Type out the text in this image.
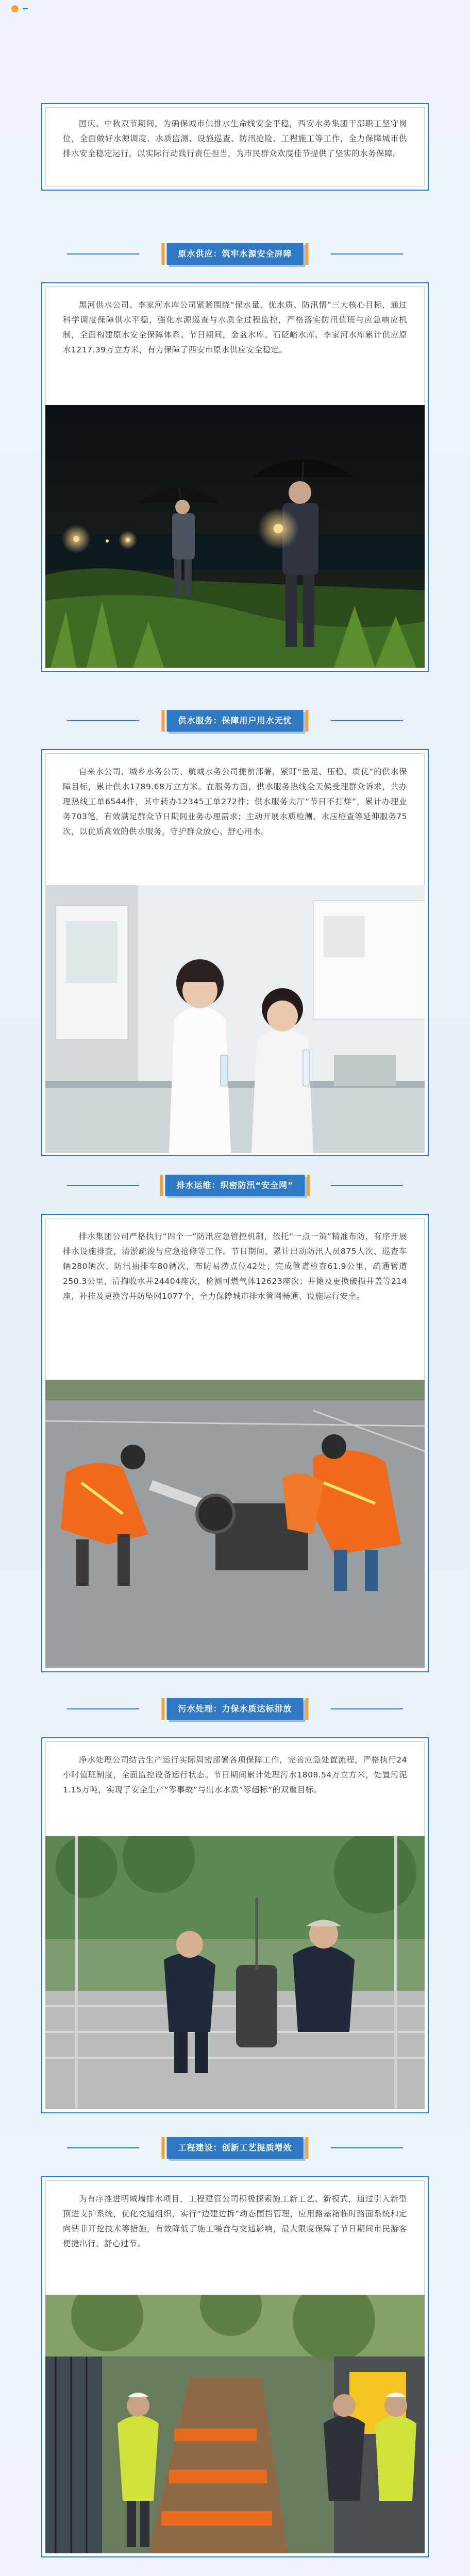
国庆、中秋双节期间，为确保城市供排水生命线安全平稳，西安水务集团干部职工坚守岗位，全面做好水源调度、水质监测、设施巡查、防汛抢险、工程施工等工作，全力保障城市供排水安全稳定运行，以实际行动践行责任担当，为市民群众欢度佳节提供了坚实的水务保障。

原水供应：筑牢水源安全屏障

黑河供水公司、李家河水库公司紧紧围绕“保水量、优水质、防汛情”三大核心目标，通过科学调度保障供水平稳，强化水源巡查与水质全过程监控，严格落实防汛值班与应急响应机制，全面构建原水安全保障体系。节日期间，金盆水库、石砭峪水库、李家河水库累计供应原水1217.39万立方米，有力保障了西安市原水供应安全稳定。

供水服务：保障用户用水无忧

自来水公司、城乡水务公司、航城水务公司提前部署，紧盯“量足、压稳、质优”的供水保障目标，累计供水1789.68万立方米。在服务方面，供水服务热线全天候受理群众诉求，共办理热线工单6544件，其中转办12345工单272件；供水服务大厅“节日不打烊”，累计办理业务703笔，有效满足群众节日期间业务办理需求；主动开展水质检测、水压检查等延伸服务75次，以优质高效的供水服务，守护群众放心、舒心用水。

排水运维：织密防汛“安全网”

排水集团公司严格执行“四个一”防汛应急管控机制，依托“一点一策”精准布防，有序开展排水设施排查，清淤疏浚与应急抢修等工作。节日期间，累计出动防汛人员875人次、巡查车辆280辆次、防汛抽排车80辆次，布防易涝点位42处；完成管道检查61.9公里，疏通管道250.3公里，清掏收水井24404座次，检测可燃气体12623座次；井篦及更换破损井盖等214座，补挂及更换窨井防坠网1077个，全力保障城市排水管网畅通、设施运行安全。

污水处理：力保水质达标排放

净水处理公司结合生产运行实际周密部署各项保障工作，完善应急处置流程，严格执行24小时值班制度，全面监控设备运行状态。节日期间累计处理污水1808.54万立方米，处置污泥1.15万吨，实现了安全生产“零事故”与出水水质“零超标”的双重目标。

工程建设：创新工艺提质增效

为有序推进明城墙排水项目，工程建管公司积极探索施工新工艺、新模式，通过引入新型顶进支护系统，优化交通组织，实行“边建边拆”动态围挡管理，应用路基箱临时路面系统和定向钻非开挖技术等措施，有效降低了施工噪音与交通影响，最大限度保障了节日期间市民游客便捷出行、舒心过节。
